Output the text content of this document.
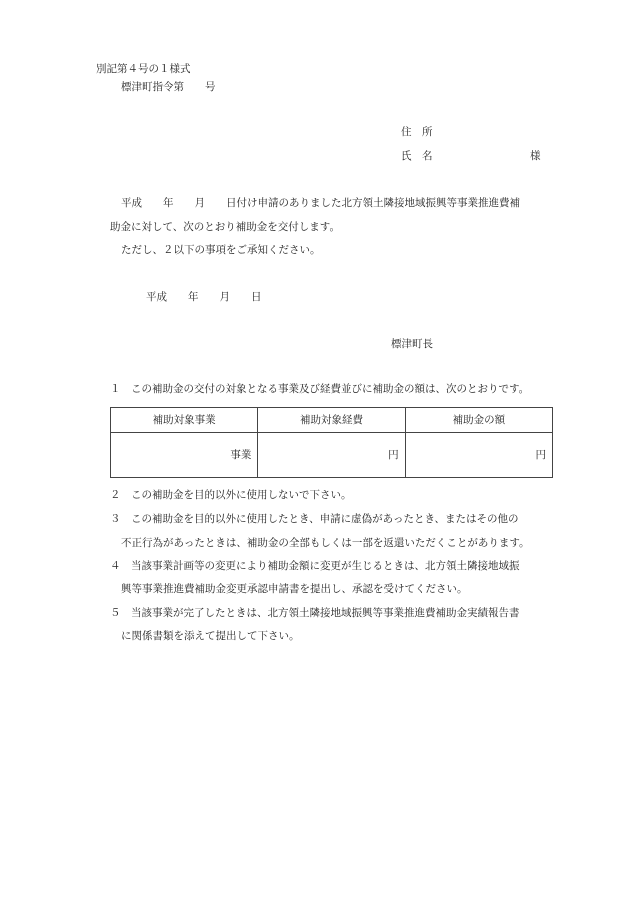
別記第４号の１様式
標津町指令第　　号
住　所
氏　名	様
平成　　年　　月　　日付け申請のありました北方領土隣接地域振興等事業推進費補
助金に対して、次のとおり補助金を交付します。
ただし、２以下の事項をご承知ください。
平成　　年　　月　　日
標津町長
１　この補助金の交付の対象となる事業及び経費並びに補助金の額は、次のとおりです。
補助対象事業	補助対象経費	補助金の額
事業	円	円
２　この補助金を目的以外に使用しないで下さい。
３　この補助金を目的以外に使用したとき、申請に虚偽があったとき、またはその他の
不正行為があったときは、補助金の全部もしくは一部を返還いただくことがあります。
４　当該事業計画等の変更により補助金額に変更が生じるときは、北方領土隣接地域振
興等事業推進費補助金変更承認申請書を提出し、承認を受けてください。
５　当該事業が完了したときは、北方領土隣接地域振興等事業推進費補助金実績報告書
に関係書類を添えて提出して下さい。
